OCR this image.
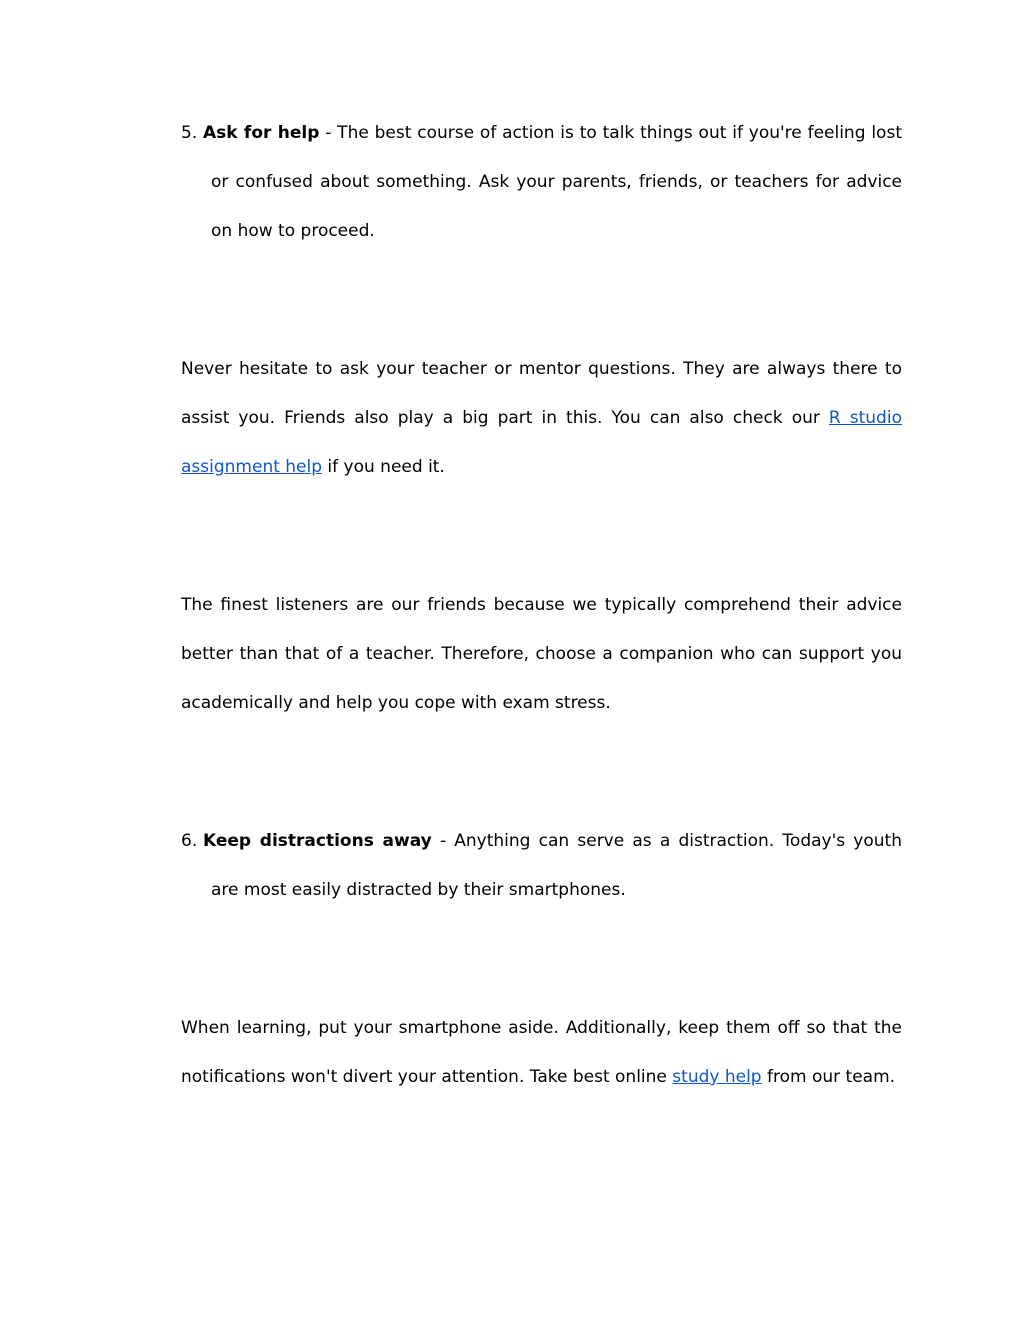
5. Ask for help - The best course of action is to talk things out if you're feeling lost or confused about something. Ask your parents, friends, or teachers for advice on how to proceed.
Never hesitate to ask your teacher or mentor questions. They are always there to assist you. Friends also play a big part in this. You can also check our R studio assignment help if you need it.
The finest listeners are our friends because we typically comprehend their advice better than that of a teacher. Therefore, choose a companion who can support you academically and help you cope with exam stress.
6. Keep distractions away - Anything can serve as a distraction. Today's youth are most easily distracted by their smartphones.
When learning, put your smartphone aside. Additionally, keep them off so that the notifications won't divert your attention. Take best online study help from our team.
